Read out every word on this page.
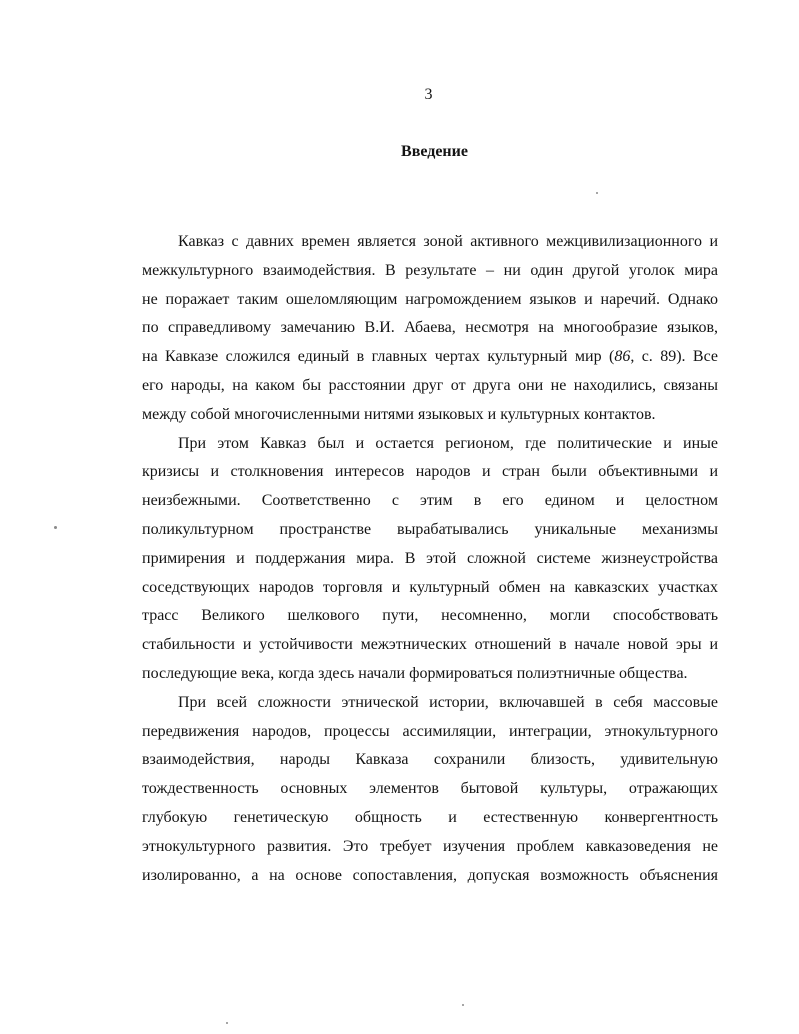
3
Введение
Кавказ с давних времен является зоной активного межцивилизационного и
межкультурного взаимодействия. В результате – ни один другой уголок мира
не поражает таким ошеломляющим нагромождением языков и наречий. Однако
по справедливому замечанию В.И. Абаева, несмотря на многообразие языков,
на Кавказе сложился единый в главных чертах культурный мир (86, с. 89). Все
его народы, на каком бы расстоянии друг от друга они не находились, связаны
между собой многочисленными нитями языковых и культурных контактов.
При этом Кавказ был и остается регионом, где политические и иные
кризисы и столкновения интересов народов и стран были объективными и
неизбежными. Соответственно с этим в его едином и целостном
поликультурном пространстве вырабатывались уникальные механизмы
примирения и поддержания мира. В этой сложной системе жизнеустройства
соседствующих народов торговля и культурный обмен на кавказских участках
трасс Великого шелкового пути, несомненно, могли способствовать
стабильности и устойчивости межэтнических отношений в начале новой эры и
последующие века, когда здесь начали формироваться полиэтничные общества.
При всей сложности этнической истории, включавшей в себя массовые
передвижения народов, процессы ассимиляции, интеграции, этнокультурного
взаимодействия, народы Кавказа сохранили близость, удивительную
тождественность основных элементов бытовой культуры, отражающих
глубокую генетическую общность и естественную конвергентность
этнокультурного развития. Это требует изучения проблем кавказоведения не
изолированно, а на основе сопоставления, допуская возможность объяснения
